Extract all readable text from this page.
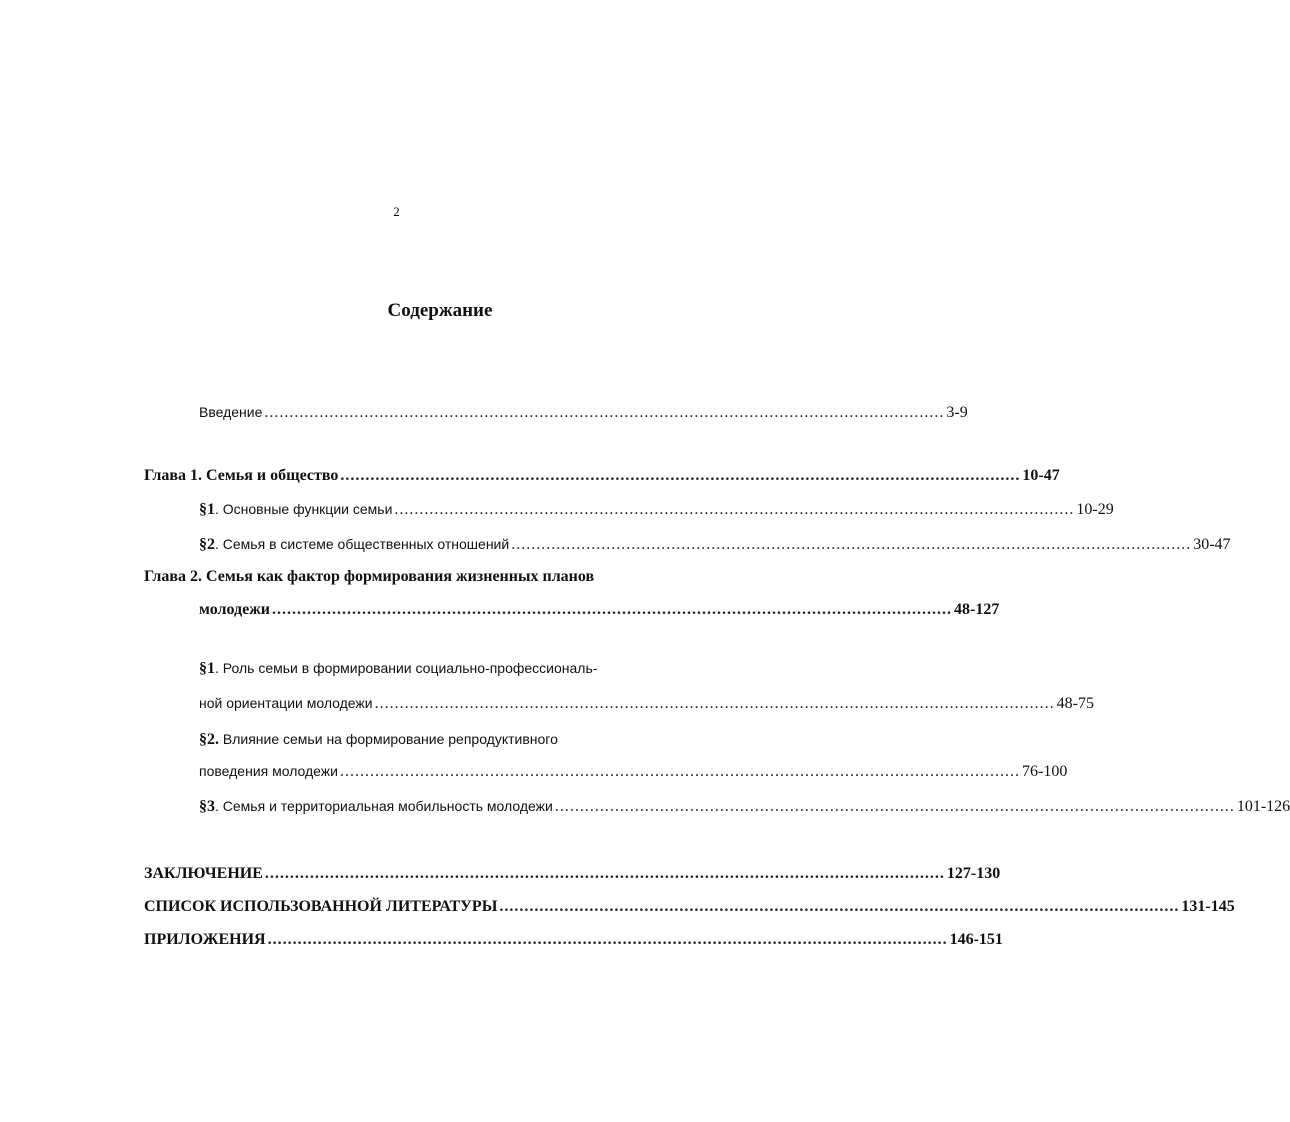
2
Содержание
Введение ........................................................................................................................................ 3-9
Глава 1. Семья и общество ........................................................................................................................................ 10-47
§1. Основные функции семьи ........................................................................................................................................ 10-29
§2. Семья в системе общественных отношений ........................................................................................................................................ 30-47
Глава 2. Семья как фактор формирования жизненных планов
молодежи ........................................................................................................................................ 48-127
§1. Роль семьи в формировании социально-профессиональ-
ной ориентации молодежи ........................................................................................................................................ 48-75
§2. Влияние семьи на формирование репродуктивного
поведения молодежи ........................................................................................................................................ 76-100
§3. Семья и территориальная мобильность молодежи ........................................................................................................................................ 101-126
ЗАКЛЮЧЕНИЕ ........................................................................................................................................ 127-130
СПИСОК ИСПОЛЬЗОВАННОЙ ЛИТЕРАТУРЫ ........................................................................................................................................ 131-145
ПРИЛОЖЕНИЯ ........................................................................................................................................ 146-151
